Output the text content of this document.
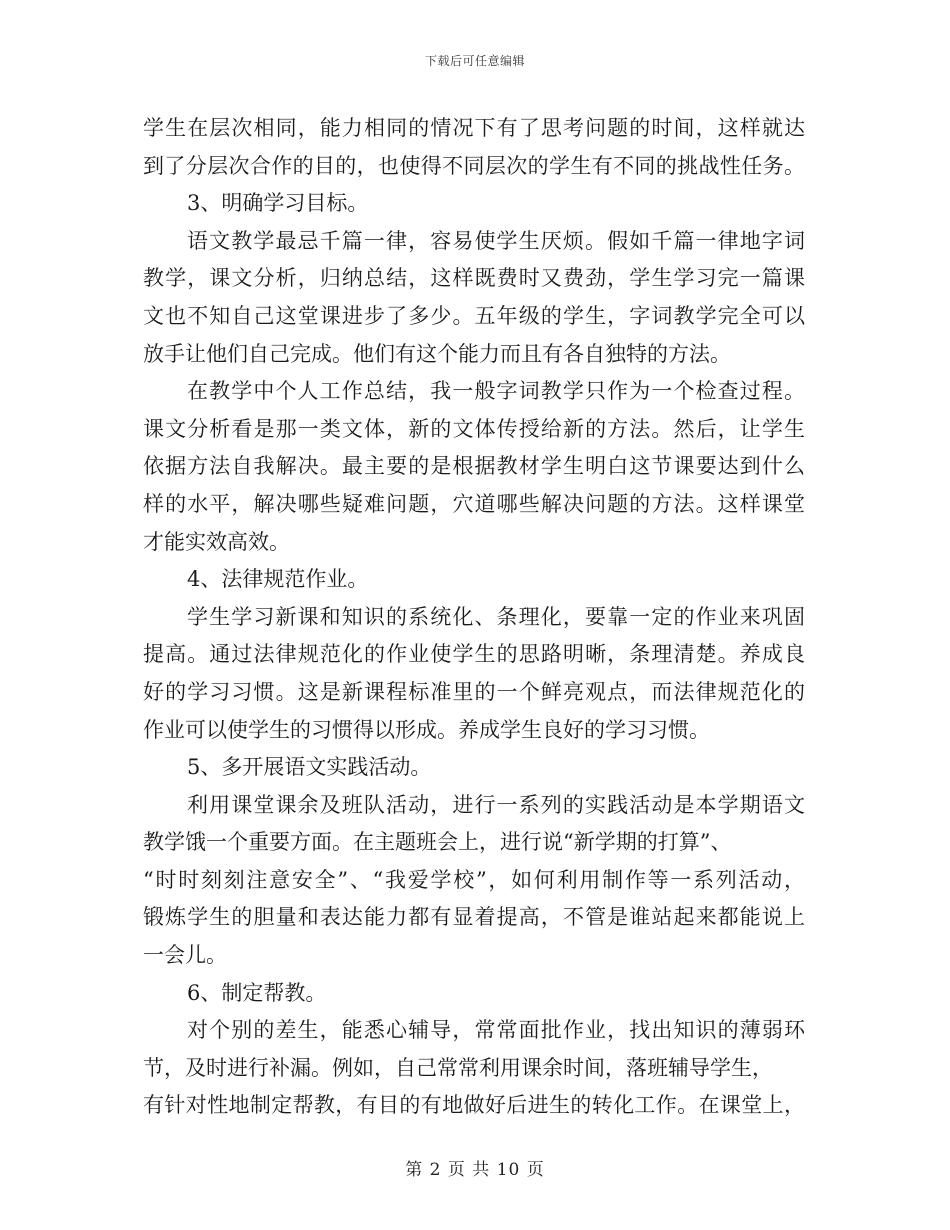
下载后可任意编辑
学生在层次相同，能力相同的情况下有了思考问题的时间，这样就达
到了分层次合作的目的，也使得不同层次的学生有不同的挑战性任务。
3、明确学习目标。
语文教学最忌千篇一律，容易使学生厌烦。假如千篇一律地字词
教学，课文分析，归纳总结，这样既费时又费劲，学生学习完一篇课
文也不知自己这堂课进步了多少。五年级的学生，字词教学完全可以
放手让他们自己完成。他们有这个能力而且有各自独特的方法。
在教学中个人工作总结，我一般字词教学只作为一个检查过程。
课文分析看是那一类文体，新的文体传授给新的方法。然后，让学生
依据方法自我解决。最主要的是根据教材学生明白这节课要达到什么
样的水平，解决哪些疑难问题，穴道哪些解决问题的方法。这样课堂
才能实效高效。
4、法律规范作业。
学生学习新课和知识的系统化、条理化，要靠一定的作业来巩固
提高。通过法律规范化的作业使学生的思路明晰，条理清楚。养成良
好的学习习惯。这是新课程标准里的一个鲜亮观点，而法律规范化的
作业可以使学生的习惯得以形成。养成学生良好的学习习惯。
5、多开展语文实践活动。
利用课堂课余及班队活动，进行一系列的实践活动是本学期语文
教学饿一个重要方面。在主题班会上，进行说“新学期的打算”、
“时时刻刻注意安全”、“我爱学校”，如何利用制作等一系列活动，
锻炼学生的胆量和表达能力都有显着提高，不管是谁站起来都能说上
一会儿。
6、制定帮教。
对个别的差生，能悉心辅导，常常面批作业，找出知识的薄弱环
节，及时进行补漏。例如，自己常常利用课余时间，落班辅导学生，
有针对性地制定帮教，有目的有地做好后进生的转化工作。在课堂上，
第 2 页 共 10 页
